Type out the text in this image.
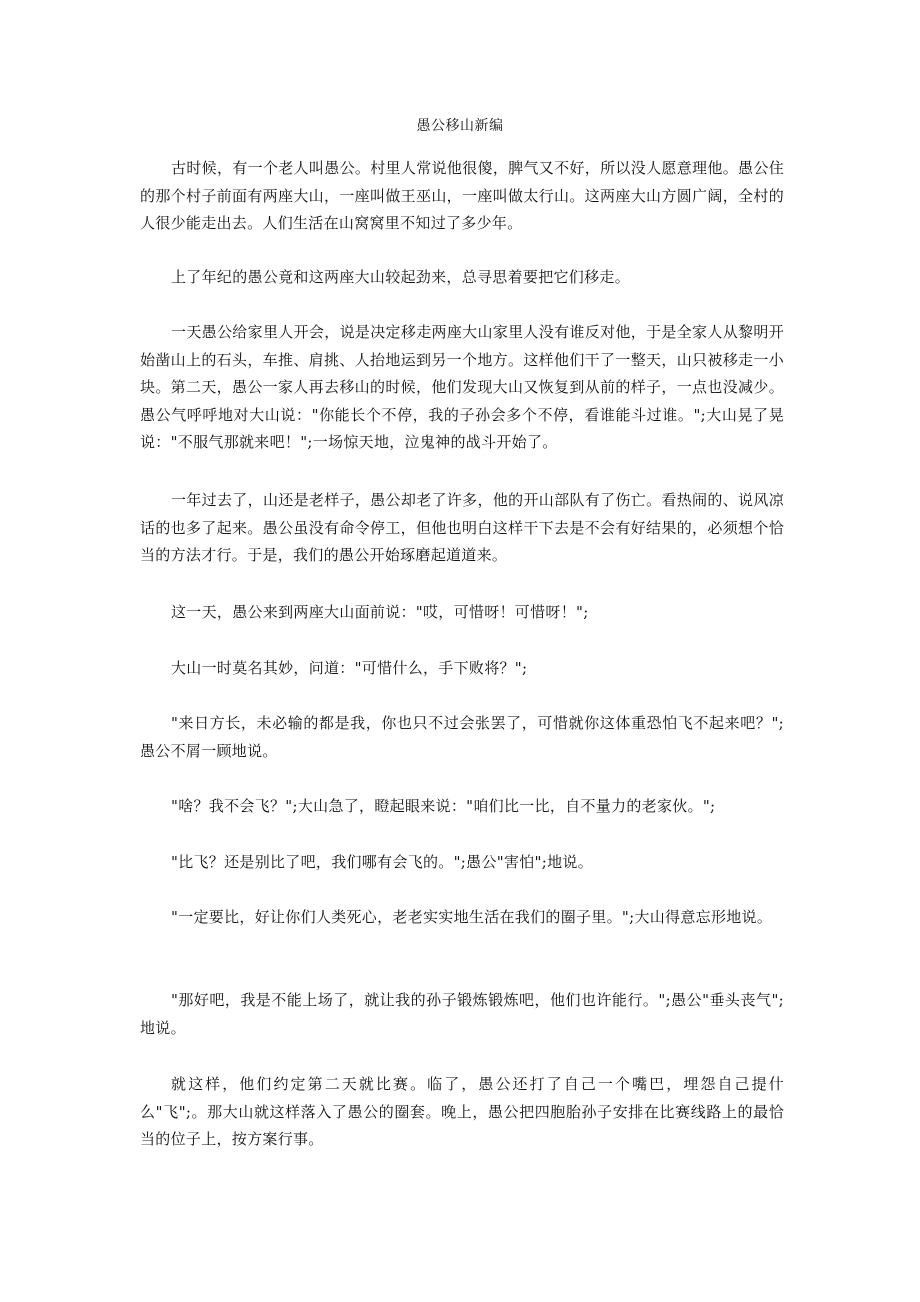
愚公移山新编

古时候，有一个老人叫愚公。村里人常说他很傻，脾气又不好，所以没人愿意理他。愚公住的那个村子前面有两座大山，一座叫做王巫山，一座叫做太行山。这两座大山方圆广阔，全村的人很少能走出去。人们生活在山窝窝里不知过了多少年。

上了年纪的愚公竟和这两座大山较起劲来，总寻思着要把它们移走。

一天愚公给家里人开会，说是决定移走两座大山家里人没有谁反对他，于是全家人从黎明开始凿山上的石头，车推、肩挑、人抬地运到另一个地方。这样他们干了一整天，山只被移走一小块。第二天，愚公一家人再去移山的时候，他们发现大山又恢复到从前的样子，一点也没减少。愚公气呼呼地对大山说："你能长个不停，我的子孙会多个不停，看谁能斗过谁。";大山晃了晃说："不服气那就来吧！";一场惊天地，泣鬼神的战斗开始了。

一年过去了，山还是老样子，愚公却老了许多，他的开山部队有了伤亡。看热闹的、说风凉话的也多了起来。愚公虽没有命令停工，但他也明白这样干下去是不会有好结果的，必须想个恰当的方法才行。于是，我们的愚公开始琢磨起道道来。

这一天，愚公来到两座大山面前说："哎，可惜呀！可惜呀！";

大山一时莫名其妙，问道："可惜什么，手下败将？";

"来日方长，未必输的都是我，你也只不过会张罢了，可惜就你这体重恐怕飞不起来吧？";愚公不屑一顾地说。

"啥？我不会飞？";大山急了，瞪起眼来说："咱们比一比，自不量力的老家伙。";

"比飞？还是别比了吧，我们哪有会飞的。";愚公"害怕";地说。

"一定要比，好让你们人类死心，老老实实地生活在我们的圈子里。";大山得意忘形地说。

"那好吧，我是不能上场了，就让我的孙子锻炼锻炼吧，他们也许能行。";愚公"垂头丧气";地说。

就这样，他们约定第二天就比赛。临了，愚公还打了自己一个嘴巴，埋怨自己提什么"飞";。那大山就这样落入了愚公的圈套。晚上，愚公把四胞胎孙子安排在比赛线路上的最恰当的位子上，按方案行事。
